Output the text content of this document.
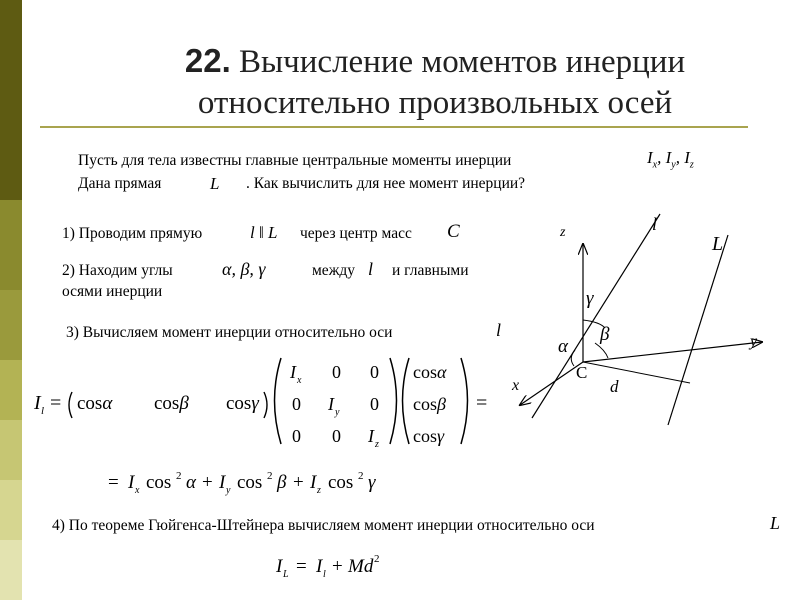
22. Вычисление моментов инерции
относительно произвольных осей
Пусть для тела известны главные центральные моменты инерции	$I_x$, $I_y$, $I_z$
Дана прямая	L . Как вычислить для нее момент инерции?
1) Проводим прямую	l ‖ L через центр масс C
2) Находим углы	α, β, γ	между l и главными
осями инерции
3) Вычисляем момент инерции относительно оси	l
I l = cosα cosβ cosγ
I x 0 0
0 I y 0
0 0 I z
cosα
cosβ
cosγ
=
= I x cos 2 α + I y cos 2 β + I z cos 2 γ
4) По теореме Гюйгенса-Штейнера вычисляем момент инерции относительно оси	L
I L = I l + Md 2
z
y
x
l
L
C
d
α
β
γ
